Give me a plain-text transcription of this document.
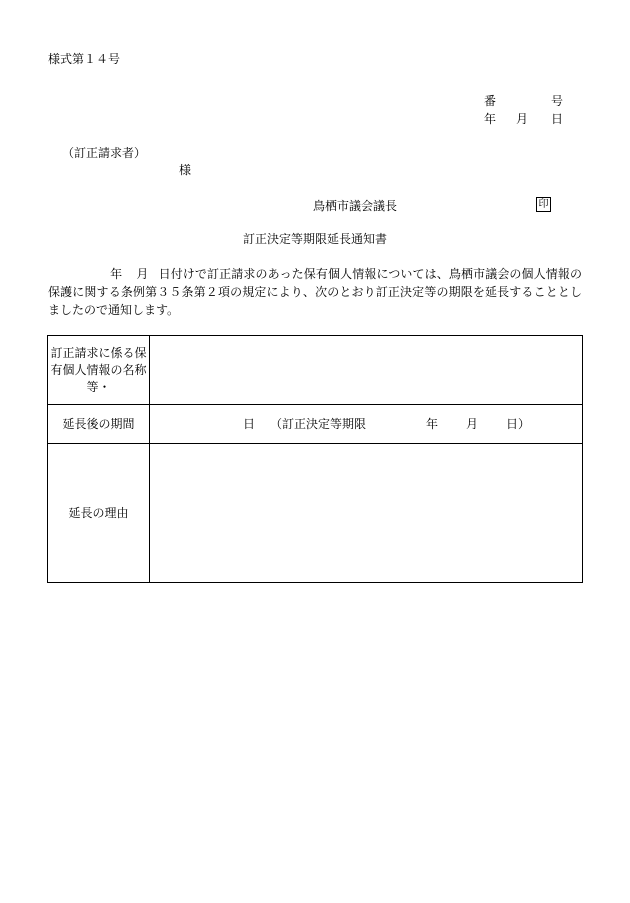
様式第１４号
番	号
年 月 日
（訂正請求者）
様
鳥栖市議会議長	印
訂正決定等期限延長通知書
年 月 日付けで訂正請求のあった保有個人情報については、鳥栖市議会の個人情報の保護に関する条例第３５条第２項の規定により、次のとおり訂正決定等の期限を延長することとしましたので通知します。
訂正請求に係る保有個人情報の名称等・	
延長後の期間	日 （訂正決定等期限 年 月 日）

延長の理由	
